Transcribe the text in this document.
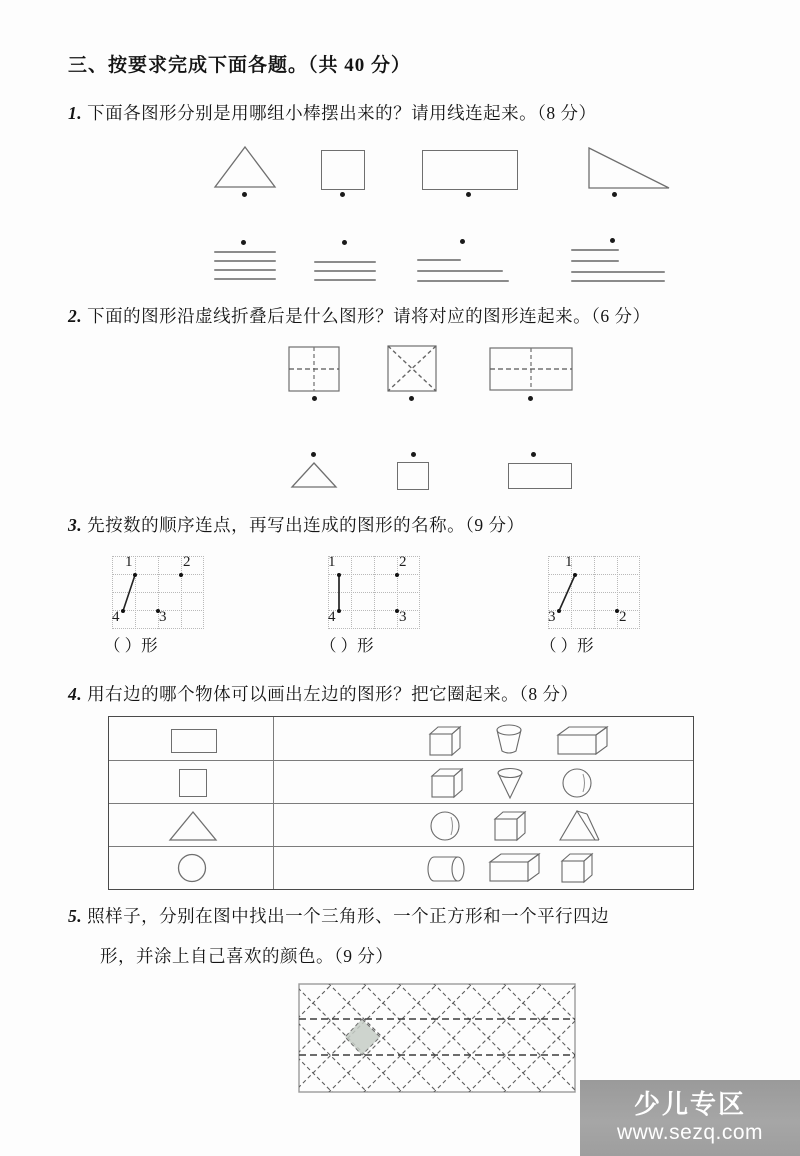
三、按要求完成下面各题。（共 40 分）
1. 下面各图形分别是用哪组小棒摆出来的？请用线连起来。（8 分）
2. 下面的图形沿虚线折叠后是什么图形？请将对应的图形连起来。（6 分）
3. 先按数的顺序连点，再写出连成的图形的名称。（9 分）
1	2
3
4
（ ）形
1	2
3
4
（ ）形
1
2
3
（ ）形
4. 用右边的哪个物体可以画出左边的图形？把它圈起来。（8 分）
5. 照样子，分别在图中找出一个三角形、一个正方形和一个平行四边
形，并涂上自己喜欢的颜色。（9 分）
少儿专区
www.sezq.com
